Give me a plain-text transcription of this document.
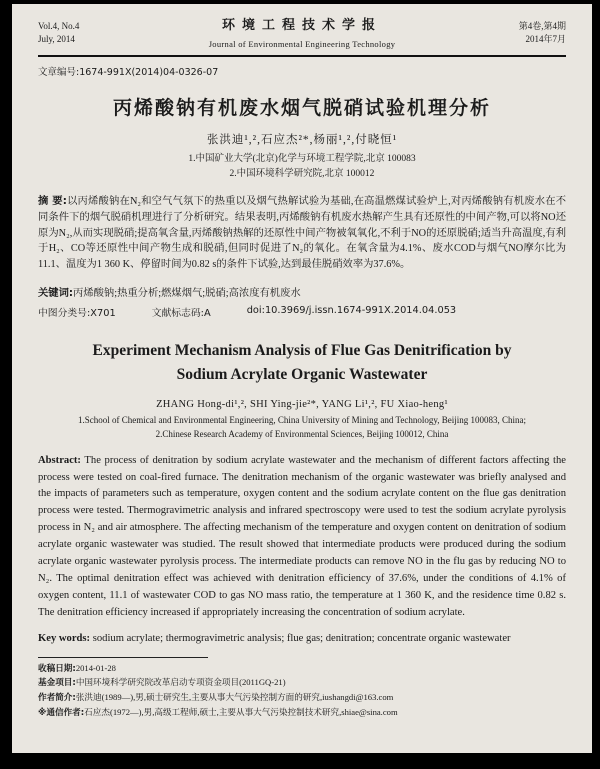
Vol.4, No.4
July, 2014
环境工程技术学报
Journal of Environmental Engineering Technology
第4卷,第4期
2014年7月
文章编号:1674-991X(2014)04-0326-07
丙烯酸钠有机废水烟气脱硝试验机理分析
张洪迪¹,²,石应杰²*,杨丽¹,²,付晓恒¹
1.中国矿业大学(北京)化学与环境工程学院,北京 100083
2.中国环境科学研究院,北京 100012

摘 要:以丙烯酸钠在N₂和空气气氛下的热重以及烟气热解试验为基础,在高温燃煤试验炉上,对丙烯酸钠有机废水在不同条件下的烟气脱硝机理进行了分析研究。结果表明,丙烯酸钠有机废水热解产生具有还原性的中间产物,可以将NO还原为N₂,从而实现脱硝;提高氧含量,丙烯酸钠热解的还原性中间产物被氧氧化,不利于NO的还原脱硝;适当升高温度,有利于H₂、CO等还原性中间产物生成和脱硝,但同时促进了N₂的氧化。在氧含量为4.1%、废水COD与烟气NO摩尔比为11.1、温度为1 360 K、停留时间为0.82 s的条件下试验,达到最佳脱硝效率为37.6%。

关键词:丙烯酸钠;热重分析;燃煤烟气;脱硝;高浓度有机废水
中图分类号:X701	文献标志码:A	doi:10.3969/j.issn.1674-991X.2014.04.053
Experiment Mechanism Analysis of Flue Gas Denitrification by
Sodium Acrylate Organic Wastewater
ZHANG Hong-di¹,², SHI Ying-jie²*, YANG Li¹,², FU Xiao-heng¹
1.School of Chemical and Environmental Engineering, China University of Mining and Technology, Beijing 100083, China;
2.Chinese Research Academy of Environmental Sciences, Beijing 100012, China

Abstract: The process of denitration by sodium acrylate wastewater and the mechanism of different factors affecting the process were tested on coal-fired furnace. The denitration mechanism of the organic wastewater was briefly analysed and the impacts of parameters such as temperature, oxygen content and the sodium acrylate content on the flue gas denitration process were tested. Thermogravimetric analysis and infrared spectroscopy were used to test the sodium acrylate pyrolysis process in N₂ and air atmosphere. The affecting mechanism of the temperature and oxygen content on denitration of sodium acrylate organic wastewater was studied. The result showed that intermediate products were produced during the sodium acrylate organic wastewater pyrolysis process. The intermediate products can remove NO in the flu gas by reducing NO to N₂. The optimal denitration effect was achieved with denitration efficiency of 37.6%, under the conditions of 4.1% of oxygen content, 11.1 of wastewater COD to gas NO mass ratio, the temperature at 1 360 K, and the residence time 0.82 s. The denitration efficiency increased if appropriately increasing the concentration of sodium acrylate.

Key words: sodium acrylate; thermogravimetric analysis; flue gas; denitration; concentrate organic wastewater
收稿日期:2014-01-28
基金项目:中国环境科学研究院改革启动专项资金项目(2011GQ-21)
作者简介:张洪迪(1989—),男,硕士研究生,主要从事大气污染控制方面的研究,iushangdi@163.com
※通信作者:石应杰(1972—),男,高级工程师,硕士,主要从事大气污染控制技术研究,shiae@sina.com
